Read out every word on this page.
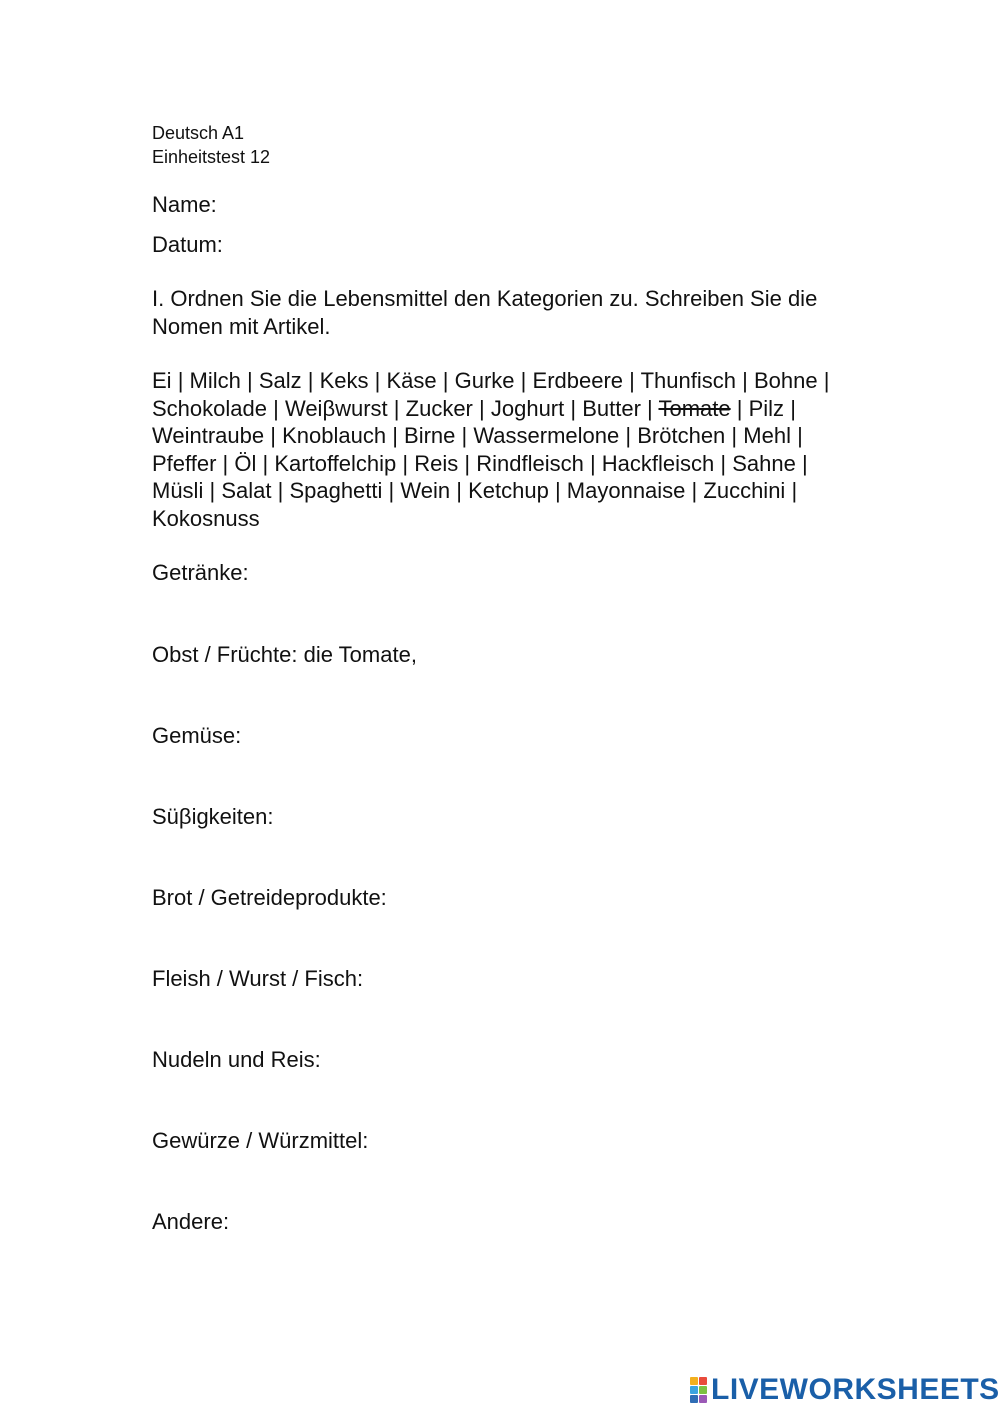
Deutsch A1
Einheitstest 12
Name:
Datum:
I. Ordnen Sie die Lebensmittel den Kategorien zu. Schreiben Sie die Nomen mit Artikel.
Ei | Milch | Salz | Keks | Käse | Gurke | Erdbeere | Thunfisch | Bohne | Schokolade | Weiβwurst | Zucker | Joghurt | Butter | Tomate | Pilz | Weintraube | Knoblauch | Birne | Wassermelone | Brötchen | Mehl | Pfeffer | Öl | Kartoffelchip | Reis | Rindfleisch | Hackfleisch | Sahne | Müsli | Salat | Spaghetti | Wein | Ketchup | Mayonnaise | Zucchini | Kokosnuss
Getränke:
Obst / Früchte: die Tomate,
Gemüse:
Süβigkeiten:
Brot / Getreideprodukte:
Fleish / Wurst / Fisch:
Nudeln und Reis:
Gewürze / Würzmittel:
Andere:
LIVEWORKSHEETS
